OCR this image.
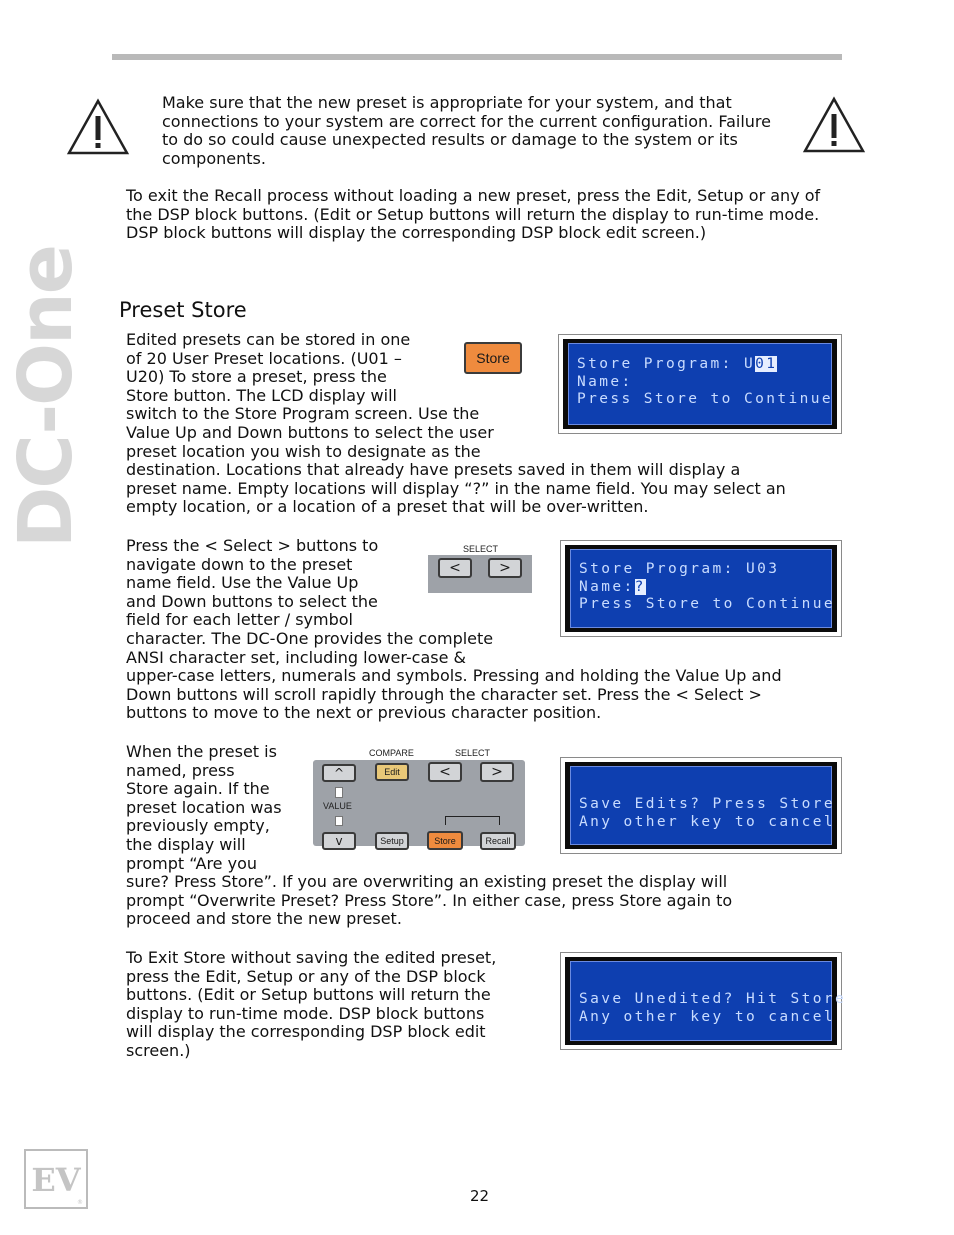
DC-One

Make sure that the new preset is appropriate for your system, and that connections to your system are correct for the current configuration. Failure to do so could cause unexpected results or damage to the system or its components.

To exit the Recall process without loading a new preset, press the Edit, Setup or any of the DSP block buttons. (Edit or Setup buttons will return the display to run-time mode. DSP block buttons will display the corresponding DSP block edit screen.)

Preset Store
Edited presets can be stored in one
of 20 User Preset locations. (U01 –
U20) To store a preset, press the
Store button. The LCD display will
switch to the Store Program screen. Use the
Value Up and Down buttons to select the user
preset location you wish to designate as the
destination. Locations that already have presets saved in them will display a
preset name. Empty locations will display “?” in the name field. You may select an
empty location, or a location of a preset that will be over-written.
Store	Store Program: U01
Name:
Press Store to Continue
Press the < Select > buttons to
navigate down to the preset
name field. Use the Value Up
and Down buttons to select the
field for each letter / symbol
character. The DC-One provides the complete
ANSI character set, including lower-case &
upper-case letters, numerals and symbols. Pressing and holding the Value Up and
Down buttons will scroll rapidly through the character set. Press the < Select >
buttons to move to the next or previous character position.
SELECT
<	>	Store Program: U03
Name:?
Press Store to Continue
When the preset is
named, press
Store again. If the
preset location was
previously empty,
the display will
prompt “Are you
sure? Press Store”. If you are overwriting an existing preset the display will
prompt “Overwrite Preset? Press Store”. In either case, press Store again to
proceed and store the new preset.
COMPARE	SELECT
^
VALUE
v
Edit	<	>
Setup	Store	Recall
Save Edits? Press Store
Any other key to cancel
To Exit Store without saving the edited preset,
press the Edit, Setup or any of the DSP block
buttons. (Edit or Setup buttons will return the
display to run-time mode. DSP block buttons
will display the corresponding DSP block edit
screen.)
Save Unedited? Hit Store
Any other key to cancel
EV
®	22
